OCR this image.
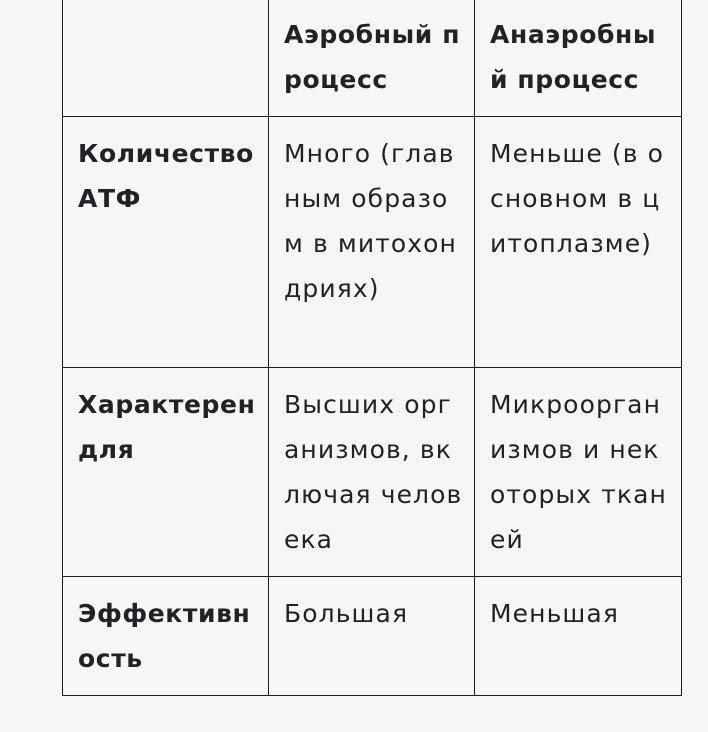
	Аэробный процесс	Анаэробный процесс
Количество АТФ	Много (главным образом в митохондриях)	Меньше (в основном в цитоплазме)
Характерен для	Высших организмов, включая человека	Микроорганизмов и некоторых тканей
Эффективность	Большая	Меньшая
